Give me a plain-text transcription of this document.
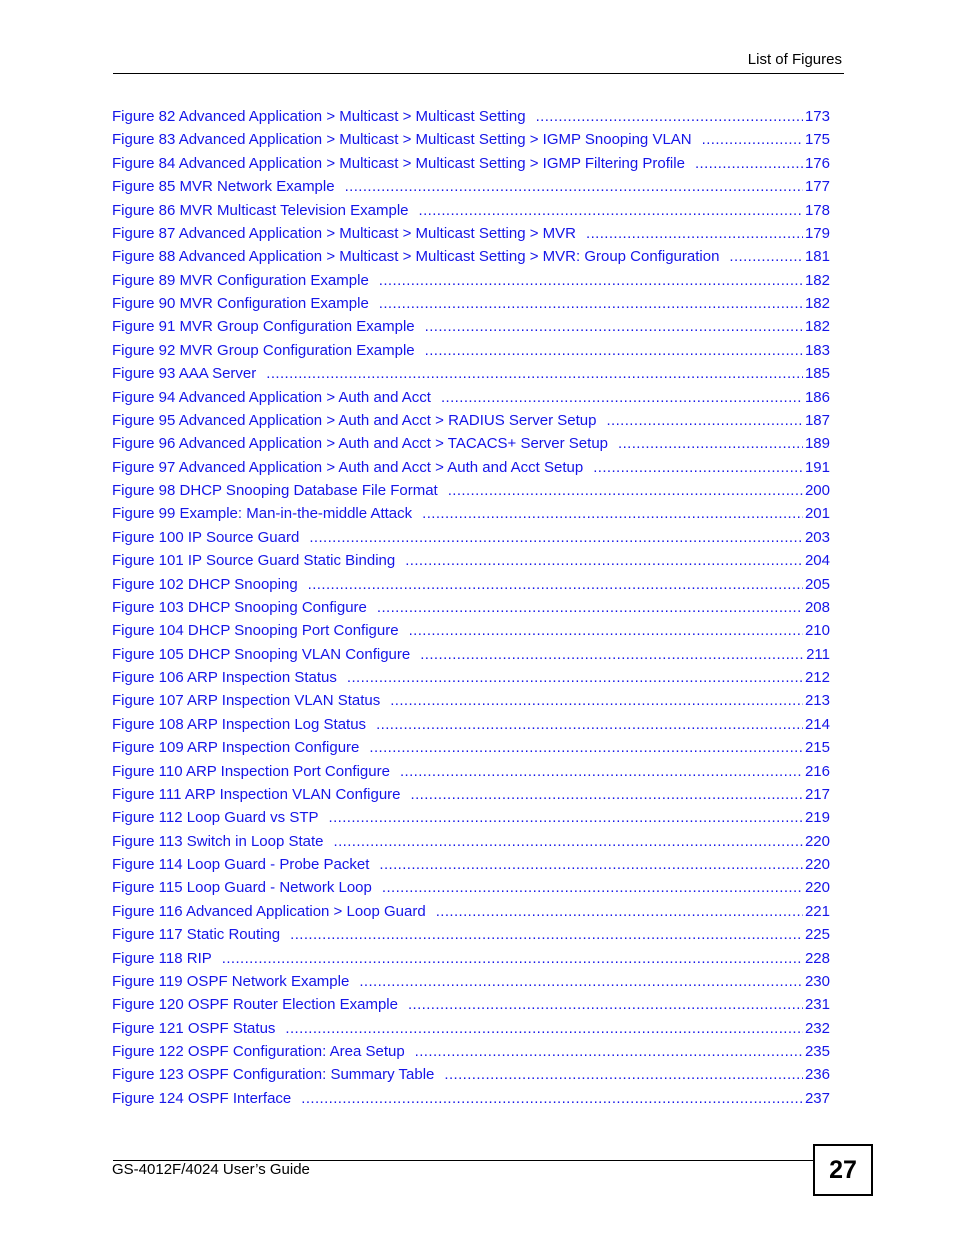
List of Figures
Figure 82 Advanced Application > Multicast > Multicast Setting .....	173
Figure 83 Advanced Application > Multicast > Multicast Setting > IGMP Snooping VLAN .....	175
Figure 84 Advanced Application > Multicast > Multicast Setting > IGMP Filtering Profile .....	176
Figure 85 MVR Network Example .....	177
Figure 86 MVR Multicast Television Example .....	178
Figure 87 Advanced Application > Multicast > Multicast Setting > MVR .....	179
Figure 88 Advanced Application > Multicast > Multicast Setting > MVR: Group Configuration .....	181
Figure 89 MVR Configuration Example .....	182
Figure 90 MVR Configuration Example .....	182
Figure 91 MVR Group Configuration Example .....	182
Figure 92 MVR Group Configuration Example .....	183
Figure 93 AAA Server .....	185
Figure 94 Advanced Application > Auth and Acct .....	186
Figure 95 Advanced Application > Auth and Acct > RADIUS Server Setup .....	187
Figure 96 Advanced Application > Auth and Acct > TACACS+ Server Setup .....	189
Figure 97 Advanced Application > Auth and Acct > Auth and Acct Setup .....	191
Figure 98 DHCP Snooping Database File Format .....	200
Figure 99 Example: Man-in-the-middle Attack .....	201
Figure 100 IP Source Guard .....	203
Figure 101 IP Source Guard Static Binding .....	204
Figure 102 DHCP Snooping .....	205
Figure 103 DHCP Snooping Configure .....	208
Figure 104 DHCP Snooping Port Configure .....	210
Figure 105 DHCP Snooping VLAN Configure .....	211
Figure 106 ARP Inspection Status .....	212
Figure 107 ARP Inspection VLAN Status .....	213
Figure 108 ARP Inspection Log Status .....	214
Figure 109 ARP Inspection Configure .....	215
Figure 110 ARP Inspection Port Configure .....	216
Figure 111 ARP Inspection VLAN Configure .....	217
Figure 112 Loop Guard vs STP .....	219
Figure 113 Switch in Loop State .....	220
Figure 114 Loop Guard - Probe Packet .....	220
Figure 115 Loop Guard - Network Loop .....	220
Figure 116 Advanced Application > Loop Guard .....	221
Figure 117 Static Routing .....	225
Figure 118 RIP .....	228
Figure 119 OSPF Network Example .....	230
Figure 120 OSPF Router Election Example .....	231
Figure 121 OSPF Status .....	232
Figure 122 OSPF Configuration: Area Setup .....	235
Figure 123 OSPF Configuration: Summary Table .....	236
Figure 124 OSPF Interface .....	237
GS-4012F/4024 User’s Guide	27
